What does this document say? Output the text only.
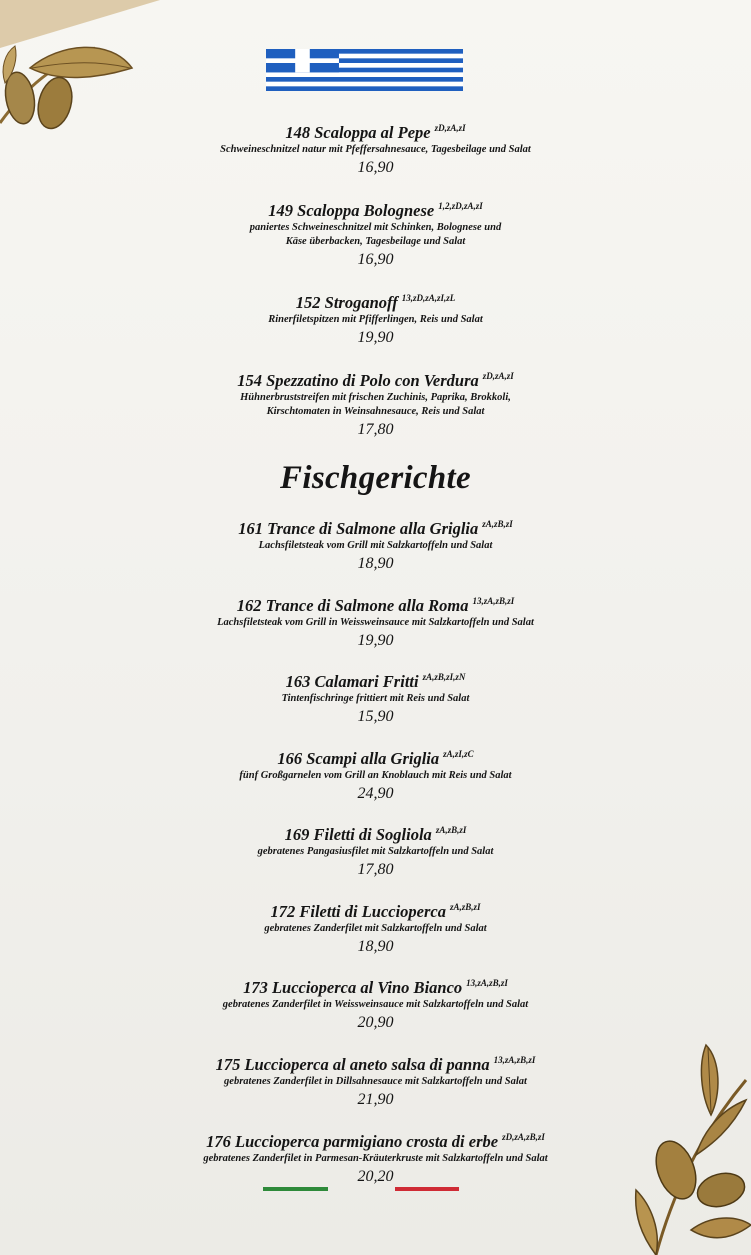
148 Scaloppa al Pepe $^{zD,zA,zI}$
Schweineschnitzel natur mit Pfeffersahnesauce, Tagesbeilage und Salat
16,90
149 Scaloppa Bolognese $^{1,2,zD,zA,zI}$
paniertes Schweineschnitzel mit Schinken, Bolognese und
Käse überbacken, Tagesbeilage und Salat
16,90
152 Stroganoff $^{13,zD,zA,zI,zL}$
Rinerfiletspitzen mit Pfifferlingen, Reis und Salat
19,90
154 Spezzatino di Polo con Verdura $^{zD,zA,zI}$
Hühnerbruststreifen mit frischen Zuchinis, Paprika, Brokkoli,
Kirschtomaten in Weinsahnesauce, Reis und Salat
17,80
Fischgerichte
161 Trance di Salmone alla Griglia $^{zA,zB,zI}$
Lachsfiletsteak vom Grill mit Salzkartoffeln und Salat
18,90
162 Trance di Salmone alla Roma $^{13,zA,zB,zI}$
Lachsfiletsteak vom Grill in Weissweinsauce mit Salzkartoffeln und Salat
19,90
163 Calamari Fritti $^{zA,zB,zI,zN}$
Tintenfischringe frittiert mit Reis und Salat
15,90
166 Scampi alla Griglia $^{zA,zI,zC}$
fünf Großgarnelen vom Grill an Knoblauch mit Reis und Salat
24,90
169 Filetti di Sogliola $^{zA,zB,zI}$
gebratenes Pangasiusfilet mit Salzkartoffeln und Salat
17,80
172 Filetti di Luccioperca $^{zA,zB,zI}$
gebratenes Zanderfilet mit Salzkartoffeln und Salat
18,90
173 Luccioperca al Vino Bianco $^{13,zA,zB,zI}$
gebratenes Zanderfilet in Weissweinsauce mit Salzkartoffeln und Salat
20,90
175 Luccioperca al aneto salsa di panna $^{13,zA,zB,zI}$
gebratenes Zanderfilet in Dillsahnesauce mit Salzkartoffeln und Salat
21,90
176 Luccioperca parmigiano crosta di erbe $^{zD,zA,zB,zI}$
gebratenes Zanderfilet in Parmesan-Kräuterkruste mit Salzkartoffeln und Salat
20,20
